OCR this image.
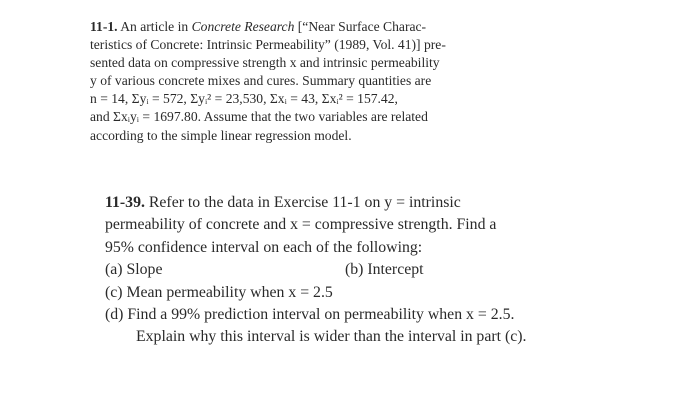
11-1. An article in Concrete Research [“Near Surface Charac-
teristics of Concrete: Intrinsic Permeability” (1989, Vol. 41)] pre-
sented data on compressive strength x and intrinsic permeability
y of various concrete mixes and cures. Summary quantities are
n = 14, Σyᵢ = 572, Σyᵢ² = 23,530, Σxᵢ = 43, Σxᵢ² = 157.42,
and Σxᵢyᵢ = 1697.80. Assume that the two variables are related
according to the simple linear regression model.
11-39. Refer to the data in Exercise 11-1 on y = intrinsic
permeability of concrete and x = compressive strength. Find a
95% confidence interval on each of the following:
(a) Slope	(b) Intercept
(c) Mean permeability when x = 2.5
(d) Find a 99% prediction interval on permeability when x = 2.5.
Explain why this interval is wider than the interval in part (c).
